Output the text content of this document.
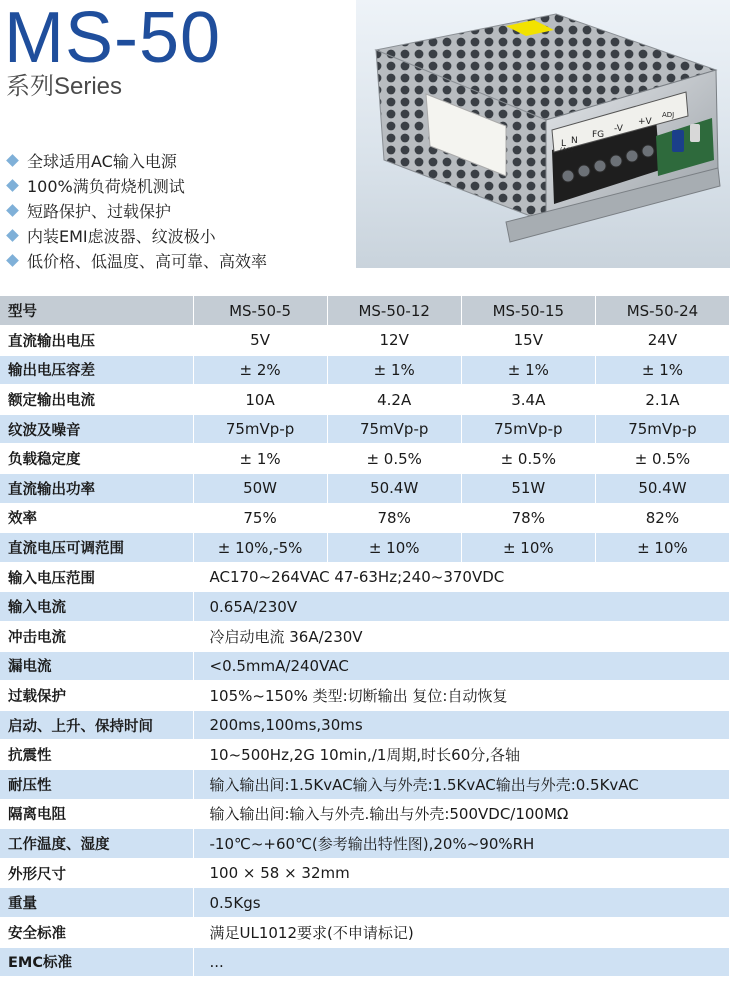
MS-50
系列Series
全球适用AC输入电源
100%满负荷烧机测试
短路保护、过载保护
内装EMI虑波器、纹波极小
低价格、低温度、高可靠、高效率
L N
FG
-V
+V
ADJ
(AC)
型号	MS-50-5	MS-50-12	MS-50-15	MS-50-24
直流输出电压	5V	12V	15V	24V
输出电压容差	± 2%	± 1%	± 1%	± 1%
额定输出电流	10A	4.2A	3.4A	2.1A
纹波及噪音	75mVp-p	75mVp-p	75mVp-p	75mVp-p
负载稳定度	± 1%	± 0.5%	± 0.5%	± 0.5%
直流输出功率	50W	50.4W	51W	50.4W
效率	75%	78%	78%	82%
直流电压可调范围	± 10%,-5%	± 10%	± 10%	± 10%
输入电压范围	AC170~264VAC 47-63Hz;240~370VDC			
输入电流	0.65A/230V			
冲击电流	冷启动电流 36A/230V			
漏电流	<0.5mmA/240VAC			
过载保护	105%~150% 类型:切断输出 复位:自动恢复			
启动、上升、保持时间	200ms,100ms,30ms			
抗震性	10~500Hz,2G 10min,/1周期,时长60分,各轴			
耐压性	输入输出间:1.5KvAC输入与外壳:1.5KvAC输出与外壳:0.5KvAC			
隔离电阻	输入输出间:输入与外壳.输出与外壳:500VDC/100MΩ			
工作温度、湿度	-10℃~+60℃(参考输出特性图),20%~90%RH			
外形尺寸	100 × 58 × 32mm			
重量	0.5Kgs			
安全标准	满足UL1012要求(不申请标记)			
EMC标准	...			
